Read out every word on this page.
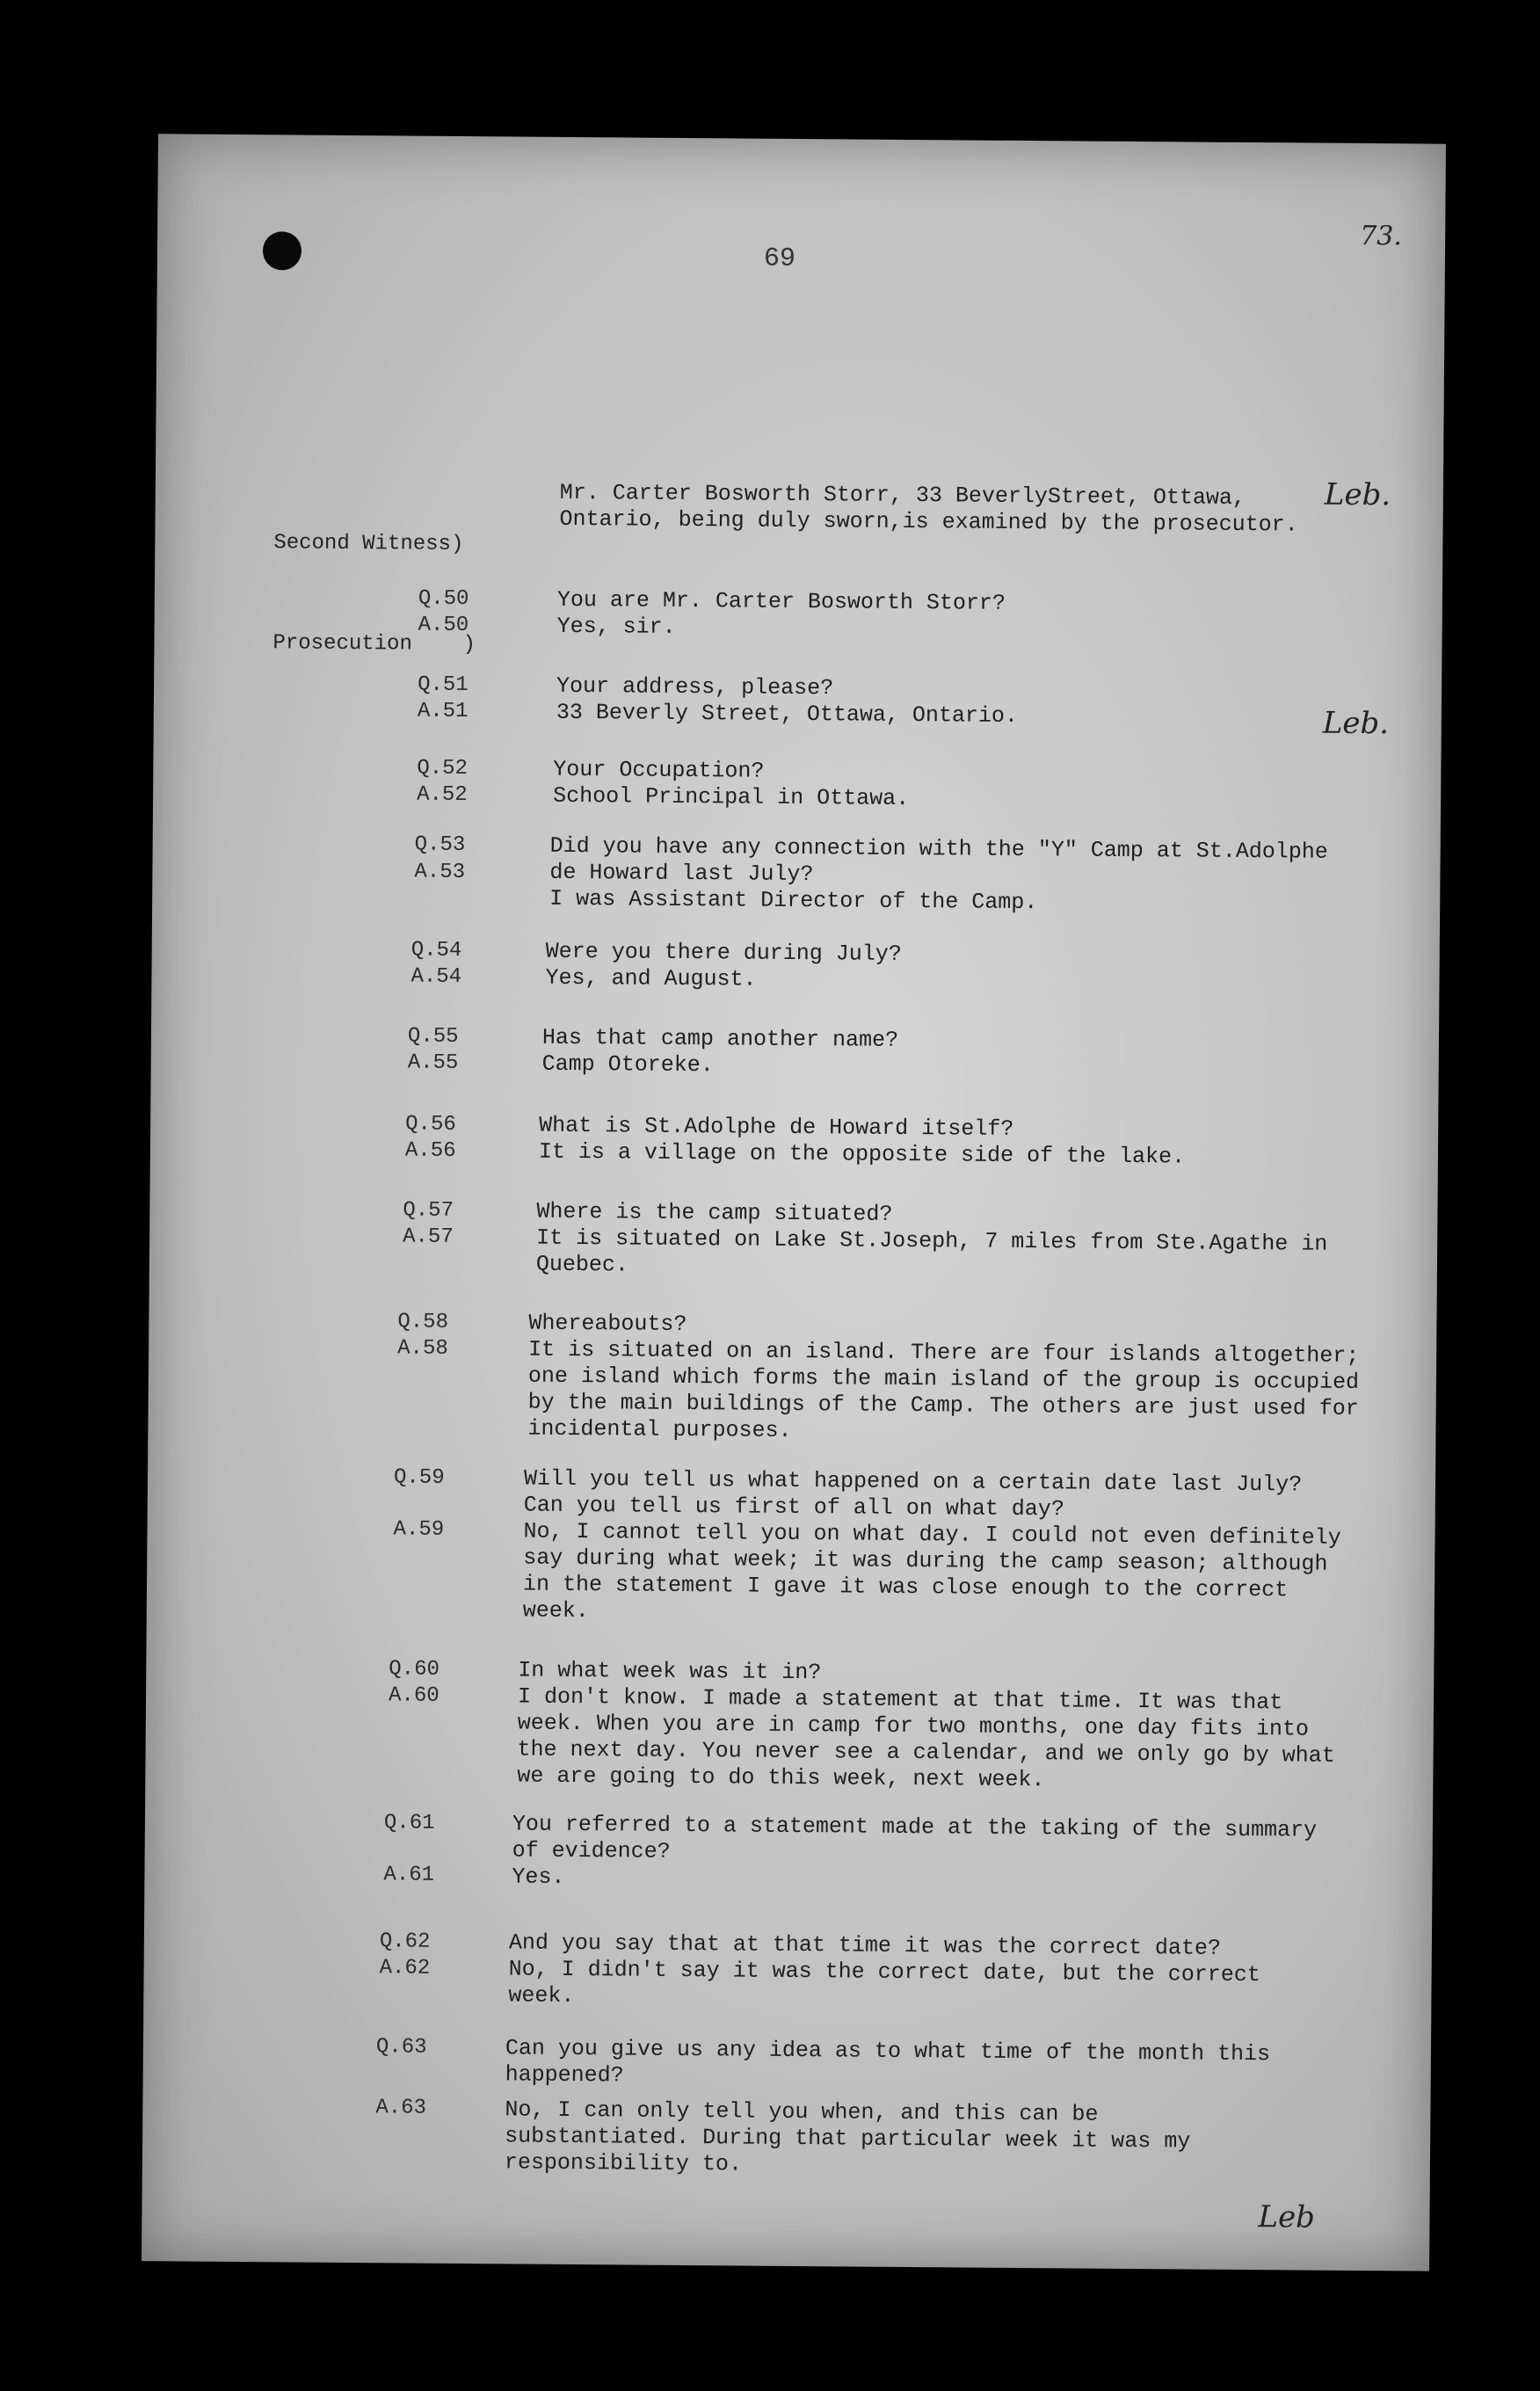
69
73.

Second Witness)

Prosecution    )

Mr. Carter Bosworth Storr, 33 BeverlyStreet, Ottawa, Ontario, being duly sworn,is examined by the prosecutor.
Leb.
Leb.
Leb
Q.50
A.50

You are Mr. Carter Bosworth Storr?

Yes, sir.

Q.51
A.51

Your address, please?

33 Beverly Street, Ottawa, Ontario.

Q.52
A.52

Your Occupation?

School Principal in Ottawa.

Q.53
A.53

Did you have any connection with the "Y" Camp at St.Adolphe de Howard last July?

I was Assistant Director of the Camp.

Q.54
A.54

Were you there during July?

Yes, and August.

Q.55
A.55

Has that camp another name?

Camp Otoreke.

Q.56
A.56

What is St.Adolphe de Howard itself?

It is a village on the opposite side of the lake.

Q.57
A.57

Where is the camp situated?

It is situated on Lake St.Joseph, 7 miles from Ste.Agathe in Quebec.

Q.58
A.58

Whereabouts?

It is situated on an island. There are four islands altogether; one island which forms the main island of the group is occupied by the main buildings of the Camp. The others are just used for incidental purposes.

Q.59
A.59

Will you tell us what happened on a certain date last July? Can you tell us first of all on what day?

No, I cannot tell you on what day. I could not even definitely say during what week; it was during the camp season; although in the statement I gave it was close enough to the correct week.

Q.60
A.60

In what week was it in?

I don't know. I made a statement at that time. It was that week. When you are in camp for two months, one day fits into the next day. You never see a calendar, and we only go by what we are going to do this week, next week.

Q.61
A.61

You referred to a statement made at the taking of the summary of evidence?

Yes.

Q.62
A.62

And you say that at that time it was the correct date?

No, I didn't say it was the correct date, but the correct week.

Q.63
A.63

Can you give us any idea as to what time of the month this happened?

No, I can only tell you when, and this can be substantiated. During that particular week it was my responsibility to.
